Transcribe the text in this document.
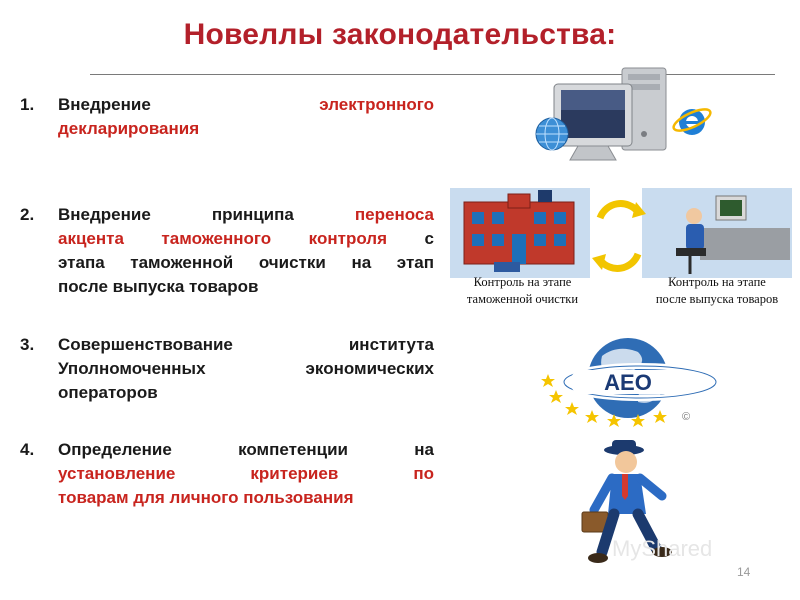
Новеллы законодательства:
1. Внедрение	электронного
декларирования
2. Внедрение принципа переноса
акцента таможенного контроля с
этапа таможенной очистки на этап
после выпуска товаров
3. Совершенствование института
Уполномоченных экономических
операторов
4. Определение компетенции на
установление критериев по
товарам для личного пользования
Контроль на этапе
таможенной очистки
Контроль на этапе
после выпуска товаров
AEO
©
MyShared
14
